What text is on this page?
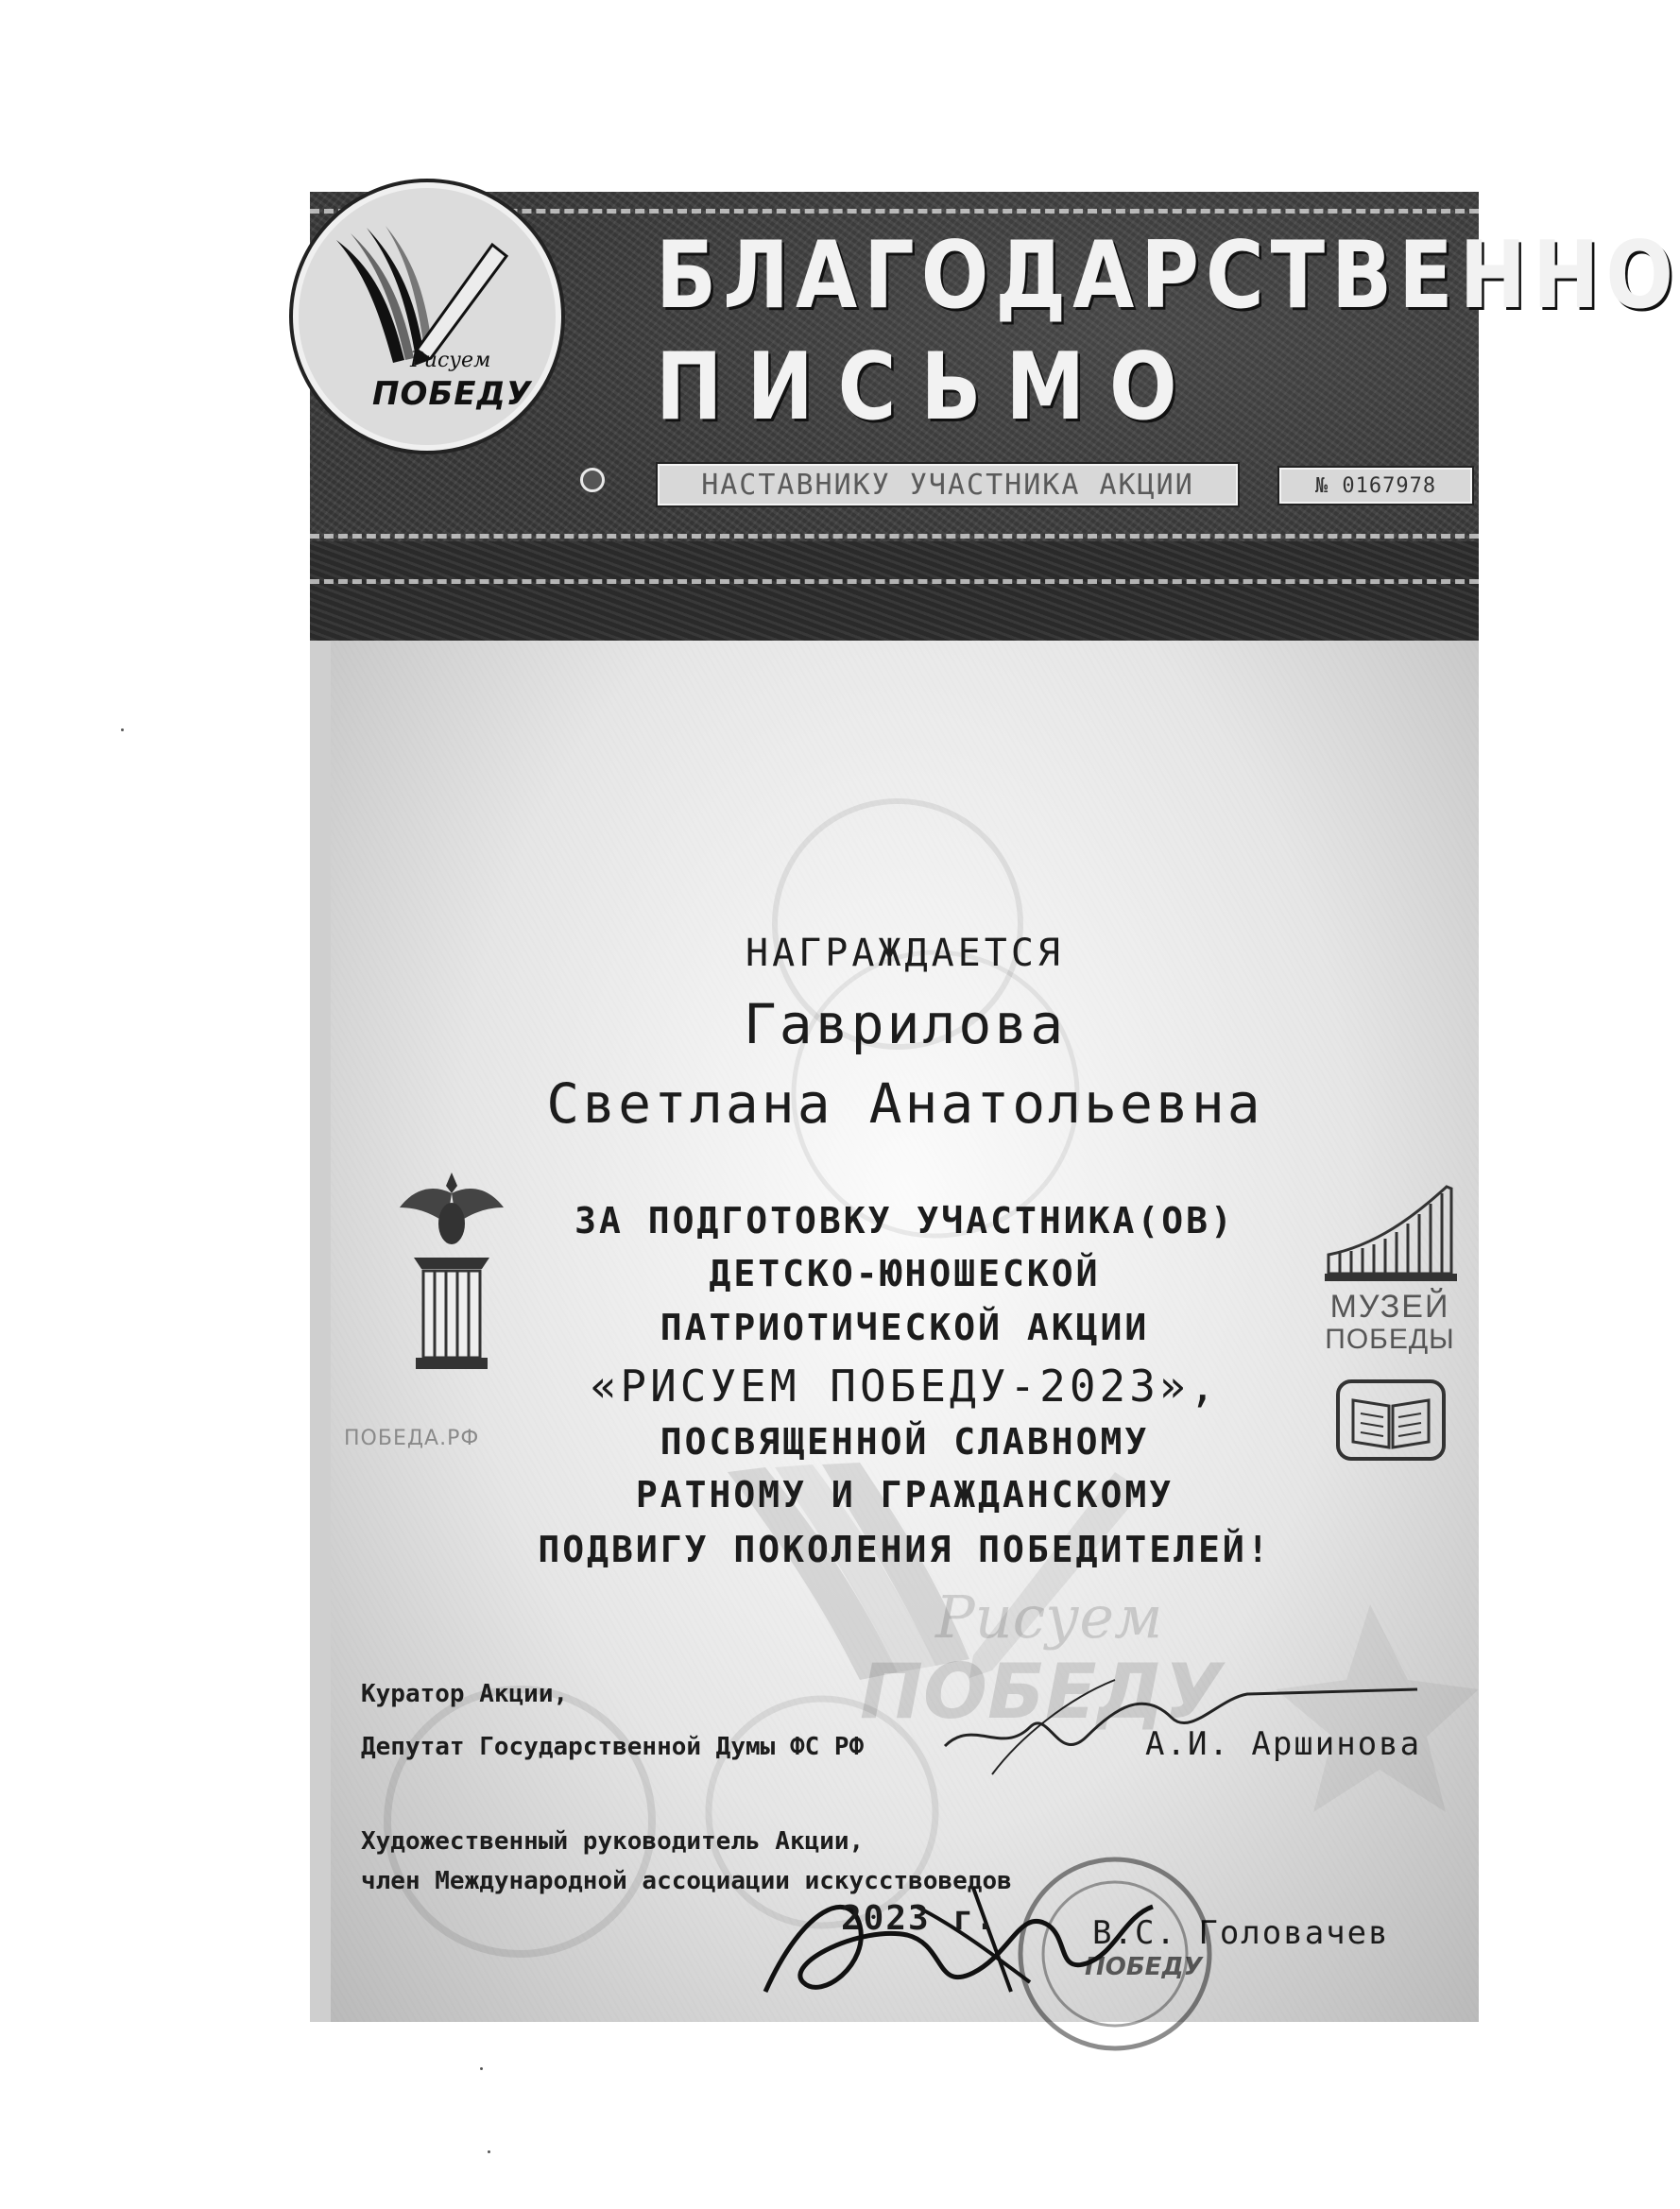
Рисуем
ПОБЕДУ
БЛАГОДАРСТВЕННО
ПИСЬМО
НАСТАВНИКУ УЧАСТНИКА АКЦИИ	№ 0167978
Рисуем
ПОБЕДУ
МУЗЕЙ
ПОБЕДЫ
ПОБЕДА.РФ
НАГРАЖДАЕТСЯ
Гаврилова
Светлана Анатольевна
ЗА ПОДГОТОВКУ УЧАСТНИКА(ОВ)
ДЕТСКО-ЮНОШЕСКОЙ
ПАТРИОТИЧЕСКОЙ АКЦИИ
«РИСУЕМ ПОБЕДУ-2023»,
ПОСВЯЩЕННОЙ СЛАВНОМУ
РАТНОМУ И ГРАЖДАНСКОМУ
ПОДВИГУ ПОКОЛЕНИЯ ПОБЕДИТЕЛЕЙ!
Куратор Акции,
Депутат Государственной Думы ФС РФ	А.И. Аршинова
Художественный руководитель Акции,
член Международной ассоциации искусствоведов
В.С. Головачев
ПОБЕДУ
2023 г.
